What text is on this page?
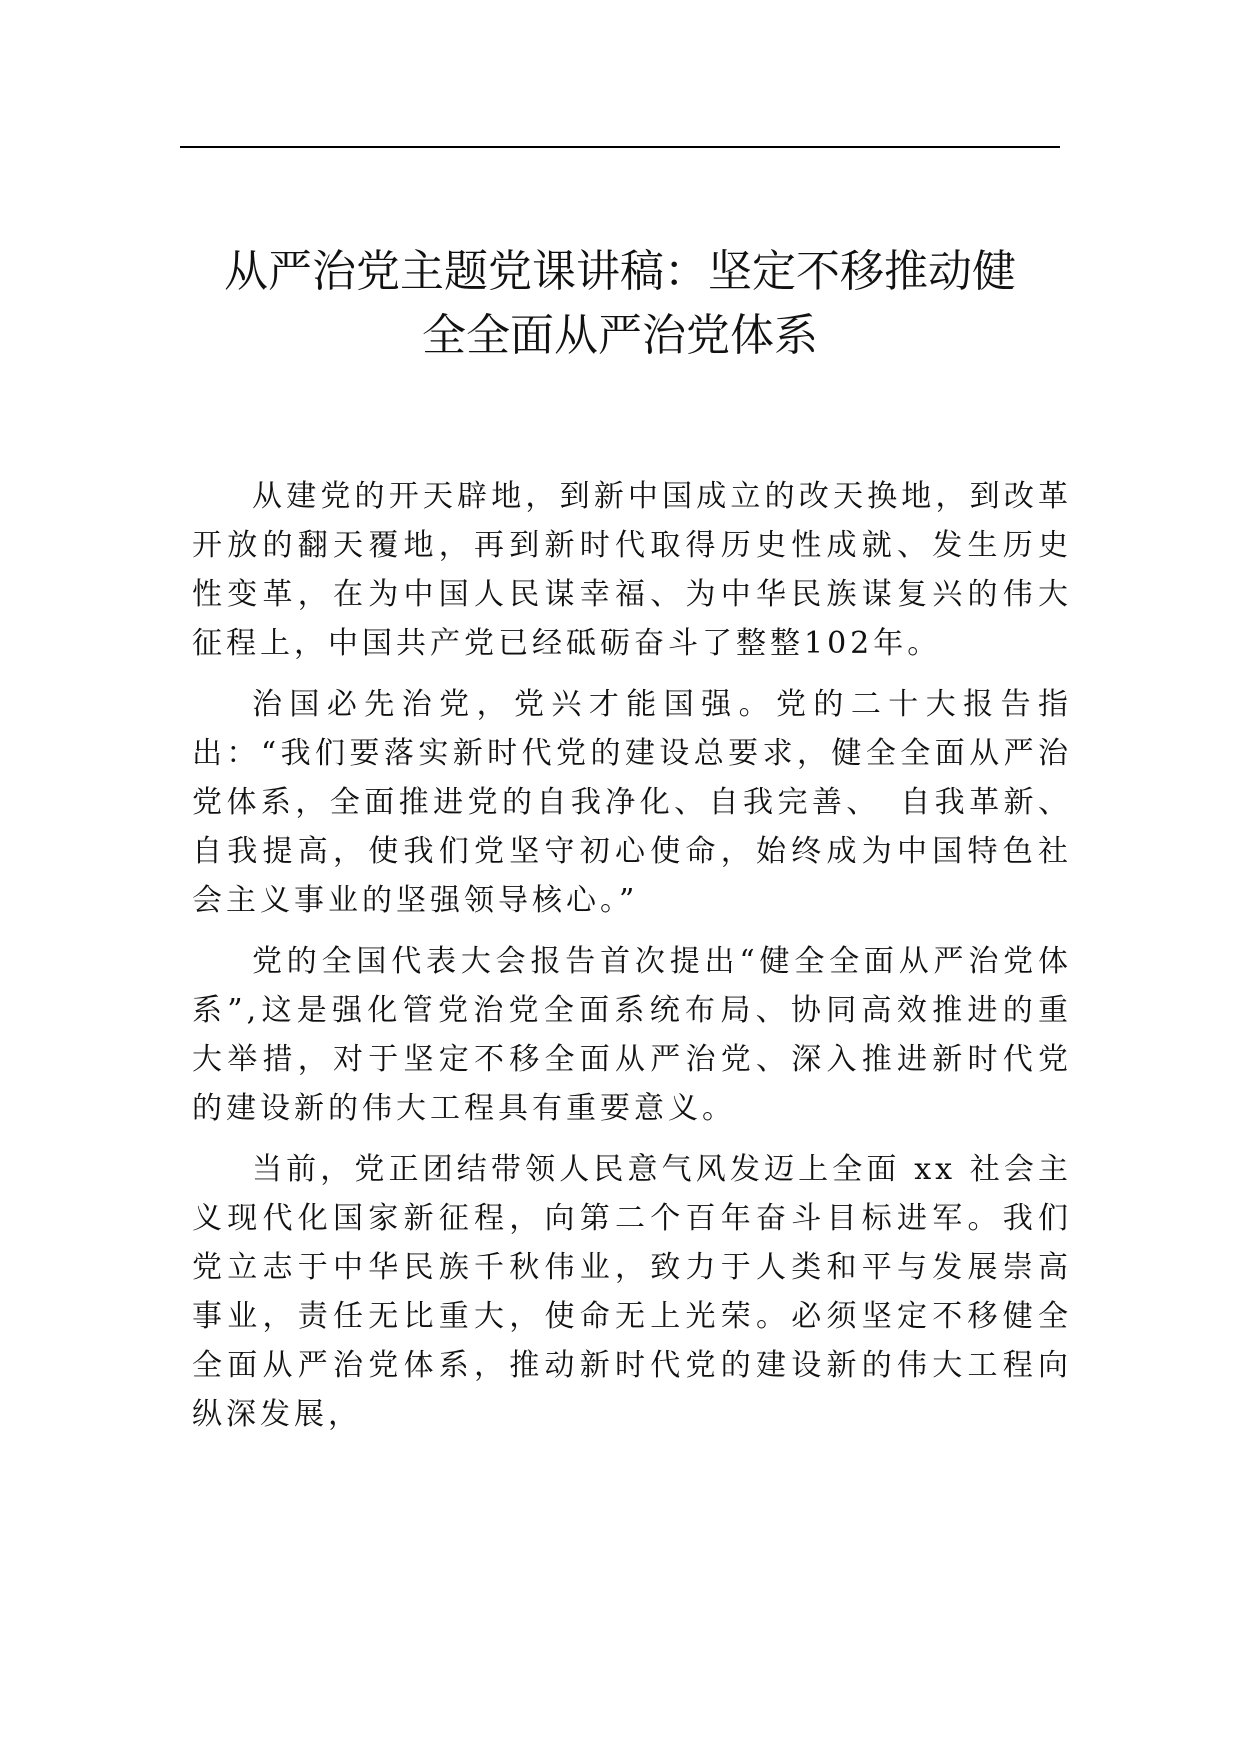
从严治党主题党课讲稿：坚定不移推动健
全全面从严治党体系

从建党的开天辟地，到新中国成立的改天换地，到改革开放的翻天覆地，再到新时代取得历史性成就、发生历史性变革，在为中国人民谋幸福、为中华民族谋复兴的伟大征程上，中国共产党已经砥砺奋斗了整整102年。

治国必先治党，党兴才能国强。党的二十大报告指出：“我们要落实新时代党的建设总要求，健全全面从严治党体系，全面推进党的自我净化、自我完善、　自我革新、自我提高，使我们党坚守初心使命，始终成为中国特色社会主义事业的坚强领导核心。”

党的全国代表大会报告首次提出“健全全面从严治党体系”,这是强化管党治党全面系统布局、协同高效推进的重大举措，对于坚定不移全面从严治党、深入推进新时代党的建设新的伟大工程具有重要意义。

当前，党正团结带领人民意气风发迈上全面 xx 社会主义现代化国家新征程，向第二个百年奋斗目标进军。我们党立志于中华民族千秋伟业，致力于人类和平与发展崇高事业，责任无比重大，使命无上光荣。必须坚定不移健全全面从严治党体系，推动新时代党的建设新的伟大工程向纵深发展，
